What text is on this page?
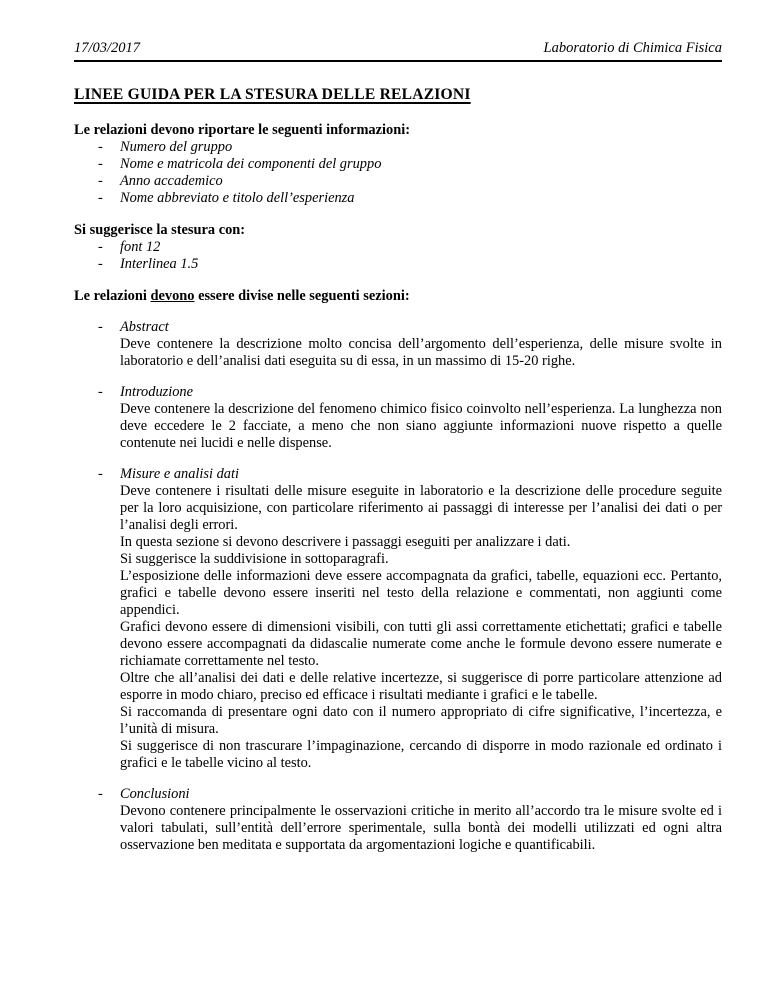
17/03/2017	Laboratorio di Chimica Fisica
LINEE GUIDA PER LA STESURA DELLE RELAZIONI
Le relazioni devono riportare le seguenti informazioni:
- Numero del gruppo
- Nome e matricola dei componenti del gruppo
- Anno accademico
- Nome abbreviato e titolo dell’esperienza
Si suggerisce la stesura con:
- font 12
- Interlinea 1.5
Le relazioni devono essere divise nelle seguenti sezioni:
- Abstract

Deve contenere la descrizione molto concisa dell’argomento dell’esperienza, delle misure svolte in laboratorio e dell’analisi dati eseguita su di essa, in un massimo di 15-20 righe.

- Introduzione

Deve contenere la descrizione del fenomeno chimico fisico coinvolto nell’esperienza. La lunghezza non deve eccedere le 2 facciate, a meno che non siano aggiunte informazioni nuove rispetto a quelle contenute nei lucidi e nelle dispense.

- Misure e analisi dati

Deve contenere i risultati delle misure eseguite in laboratorio e la descrizione delle procedure seguite per la loro acquisizione, con particolare riferimento ai passaggi di interesse per l’analisi dei dati o per l’analisi degli errori.

In questa sezione si devono descrivere i passaggi eseguiti per analizzare i dati.

Si suggerisce la suddivisione in sottoparagrafi.

L’esposizione delle informazioni deve essere accompagnata da grafici, tabelle, equazioni ecc. Pertanto, grafici e tabelle devono essere inseriti nel testo della relazione e commentati, non aggiunti come appendici.

Grafici devono essere di dimensioni visibili, con tutti gli assi correttamente etichettati; grafici e tabelle devono essere accompagnati da didascalie numerate come anche le formule devono essere numerate e richiamate correttamente nel testo.

Oltre che all’analisi dei dati e delle relative incertezze, si suggerisce di porre particolare attenzione ad esporre in modo chiaro, preciso ed efficace i risultati mediante i grafici e le tabelle.

Si raccomanda di presentare ogni dato con il numero appropriato di cifre significative, l’incertezza, e l’unità di misura.

Si suggerisce di non trascurare l’impaginazione, cercando di disporre in modo razionale ed ordinato i grafici e le tabelle vicino al testo.

- Conclusioni

Devono contenere principalmente le osservazioni critiche in merito all’accordo tra le misure svolte ed i valori tabulati, sull’entità dell’errore sperimentale, sulla bontà dei modelli utilizzati ed ogni altra osservazione ben meditata e supportata da argomentazioni logiche e quantificabili.
